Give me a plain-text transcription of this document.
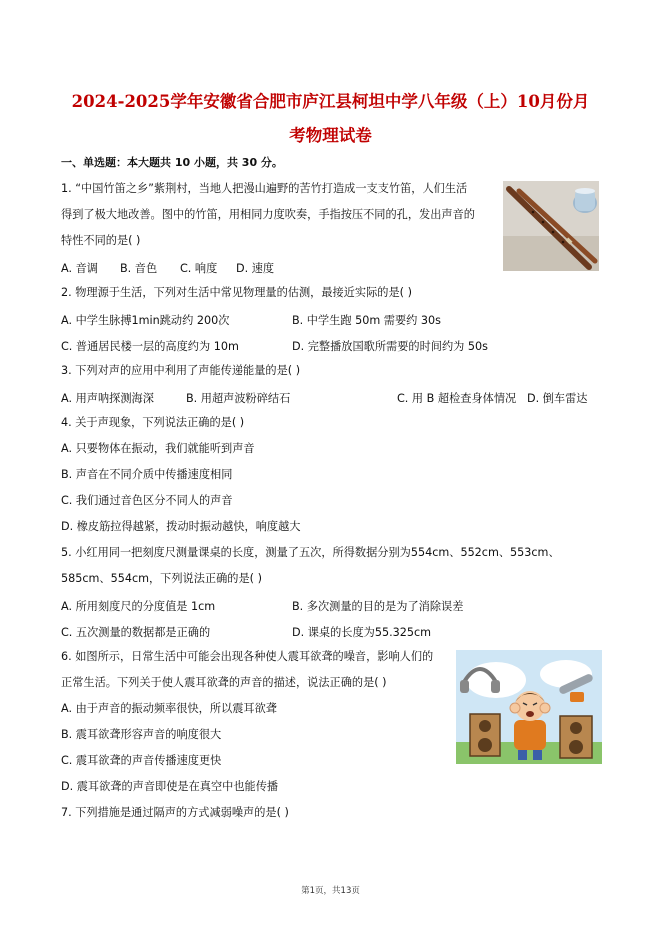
2024-2025学年安徽省合肥市庐江县柯坦中学八年级（上）10月份月
考物理试卷
一、单选题：本大题共 10 小题，共 30 分。
1. “中国竹笛之乡”紫荆村，当地人把漫山遍野的苦竹打造成一支支竹笛，人们生活
得到了极大地改善。图中的竹笛，用相同力度吹奏，手指按压不同的孔，发出声音的
特性不同的是( )
A. 音调 B. 音色 C. 响度 D. 速度
2. 物理源于生活，下列对生活中常见物理量的估测，最接近实际的是( )
A. 中学生脉搏1min跳动约 200次	B. 中学生跑 50m 需要约 30s
C. 普通居民楼一层的高度约为 10m	D. 完整播放国歌所需要的时间约为 50s
3. 下列对声的应用中利用了声能传递能量的是( )
A. 用声呐探测海深	B. 用超声波粉碎结石	C. 用 B 超检查身体情况 D. 倒车雷达
4. 关于声现象，下列说法正确的是( )
A. 只要物体在振动，我们就能听到声音
B. 声音在不同介质中传播速度相同
C. 我们通过音色区分不同人的声音
D. 橡皮筋拉得越紧，拨动时振动越快，响度越大
5. 小红用同一把刻度尺测量课桌的长度，测量了五次，所得数据分别为554cm、552cm、553cm、
585cm、554cm，下列说法正确的是( )
A. 所用刻度尺的分度值是 1cm	B. 多次测量的目的是为了消除误差
C. 五次测量的数据都是正确的	D. 课桌的长度为55.325cm
6. 如图所示，日常生活中可能会出现各种使人震耳欲聋的噪音，影响人们的
正常生活。下列关于使人震耳欲聋的声音的描述，说法正确的是( )
A. 由于声音的振动频率很快，所以震耳欲聋
B. 震耳欲聋形容声音的响度很大
C. 震耳欲聋的声音传播速度更快
D. 震耳欲聋的声音即使是在真空中也能传播
7. 下列措施是通过隔声的方式减弱噪声的是( )
第1页，共13页
